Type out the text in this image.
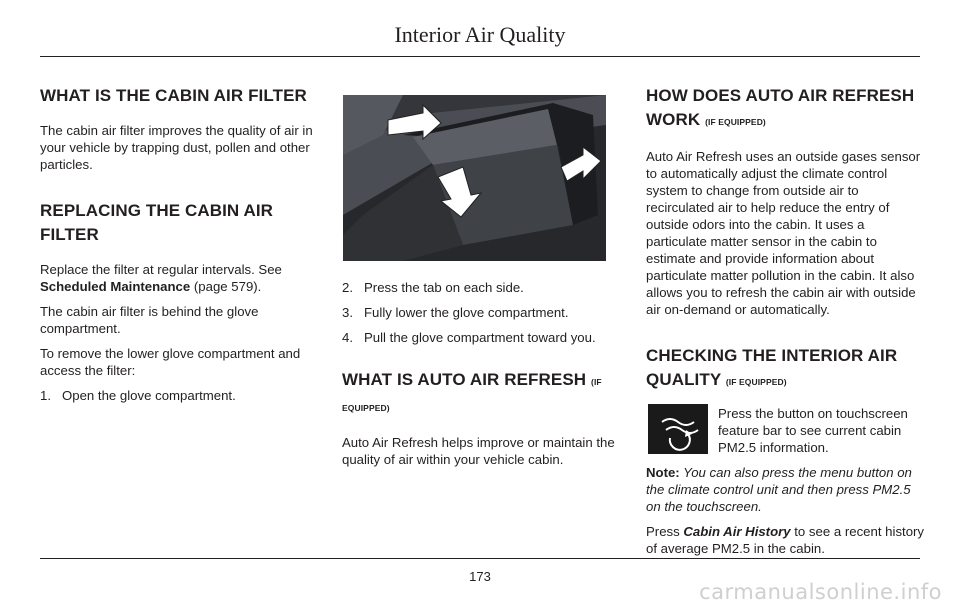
Interior Air Quality
WHAT IS THE CABIN AIR FILTER

The cabin air filter improves the quality of air in your vehicle by trapping dust, pollen and other particles.

REPLACING THE CABIN AIR FILTER

Replace the filter at regular intervals. See
Scheduled Maintenance (page 579).

The cabin air filter is behind the glove compartment.

To remove the lower glove compartment and access the filter:

1. Open the glove compartment.

2. Press the tab on each side.

3. Fully lower the glove compartment.

4. Pull the glove compartment toward you.

WHAT IS AUTO AIR REFRESH (IF EQUIPPED)

Auto Air Refresh helps improve or maintain the quality of air within your vehicle cabin.

HOW DOES AUTO AIR REFRESH
WORK (IF EQUIPPED)

Auto Air Refresh uses an outside gases sensor to automatically adjust the climate control system to change from outside air to recirculated air to help reduce the entry of outside odors into the cabin. It uses a particulate matter sensor in the cabin to estimate and provide information about particulate matter pollution in the cabin. It also allows you to refresh the cabin air with outside air on-demand or automatically.

CHECKING THE INTERIOR AIR
QUALITY (IF EQUIPPED)

Press the button on touchscreen feature bar to see current cabin PM2.5 information.

Note: You can also press the menu button on the climate control unit and then press PM2.5 on the touchscreen.

Press Cabin Air History to see a recent history of average PM2.5 in the cabin.

173
carmanualsonline.info
